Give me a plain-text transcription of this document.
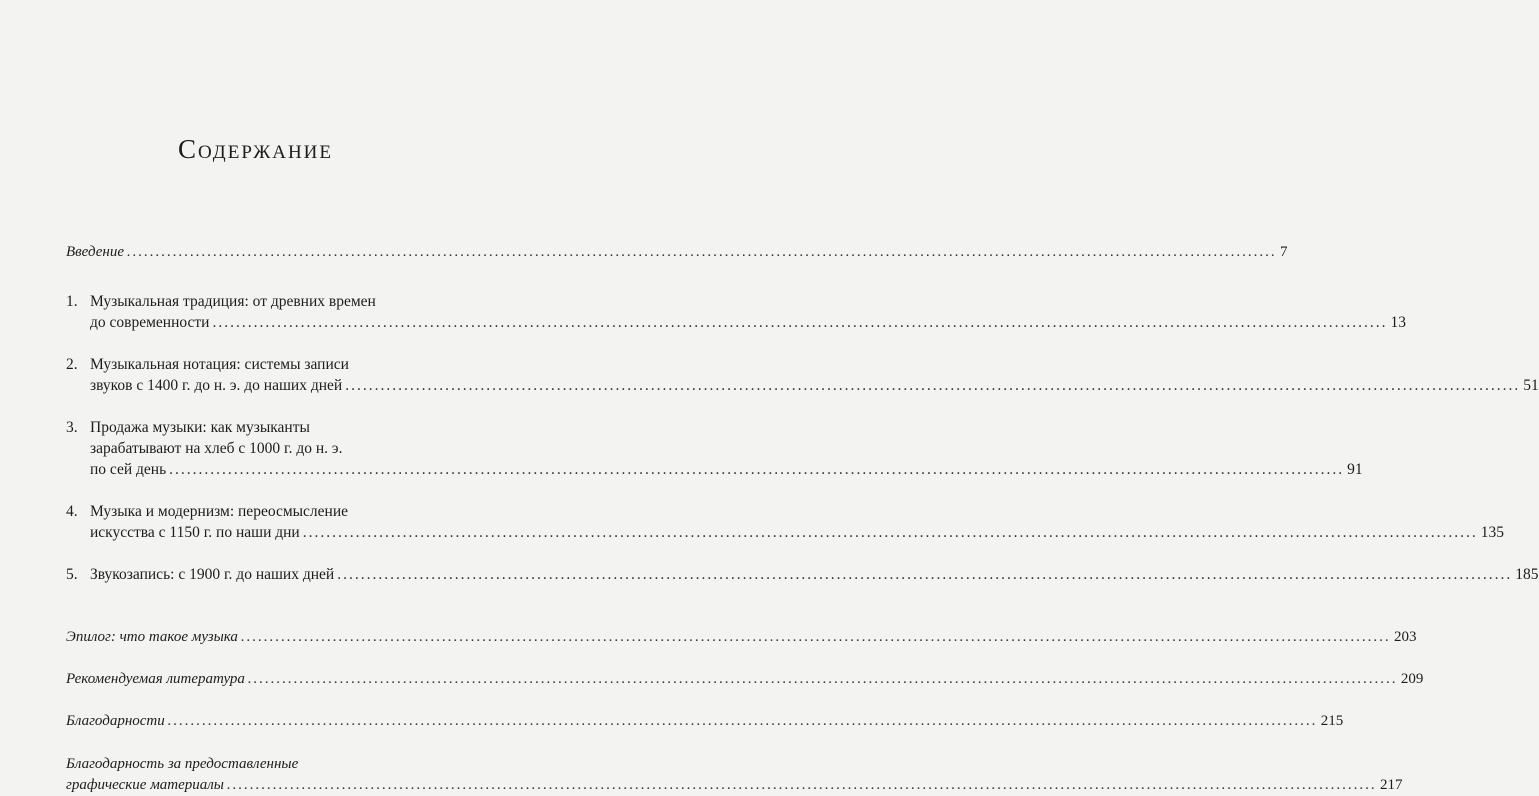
Содержание
Введение ........................................................................................................................................................................................................ 7
1. Музыкальная традиция: от древних времен
до современности ........................................................................................................................................................................................................ 13
2. Музыкальная нотация: системы записи
звуков с 1400 г. до н. э. до наших дней ........................................................................................................................................................................................................ 51
3. Продажа музыки: как музыканты
зарабатывают на хлеб с 1000 г. до н. э.
по сей день ........................................................................................................................................................................................................ 91
4. Музыка и модернизм: переосмысление
искусства с 1150 г. по наши дни ........................................................................................................................................................................................................ 135
5. Звукозапись: с 1900 г. до наших дней ........................................................................................................................................................................................................ 185
Эпилог: что такое музыка ........................................................................................................................................................................................................ 203
Рекомендуемая литература ........................................................................................................................................................................................................ 209
Благодарности ........................................................................................................................................................................................................ 215
Благодарность за предоставленные
графические материалы ........................................................................................................................................................................................................ 217
